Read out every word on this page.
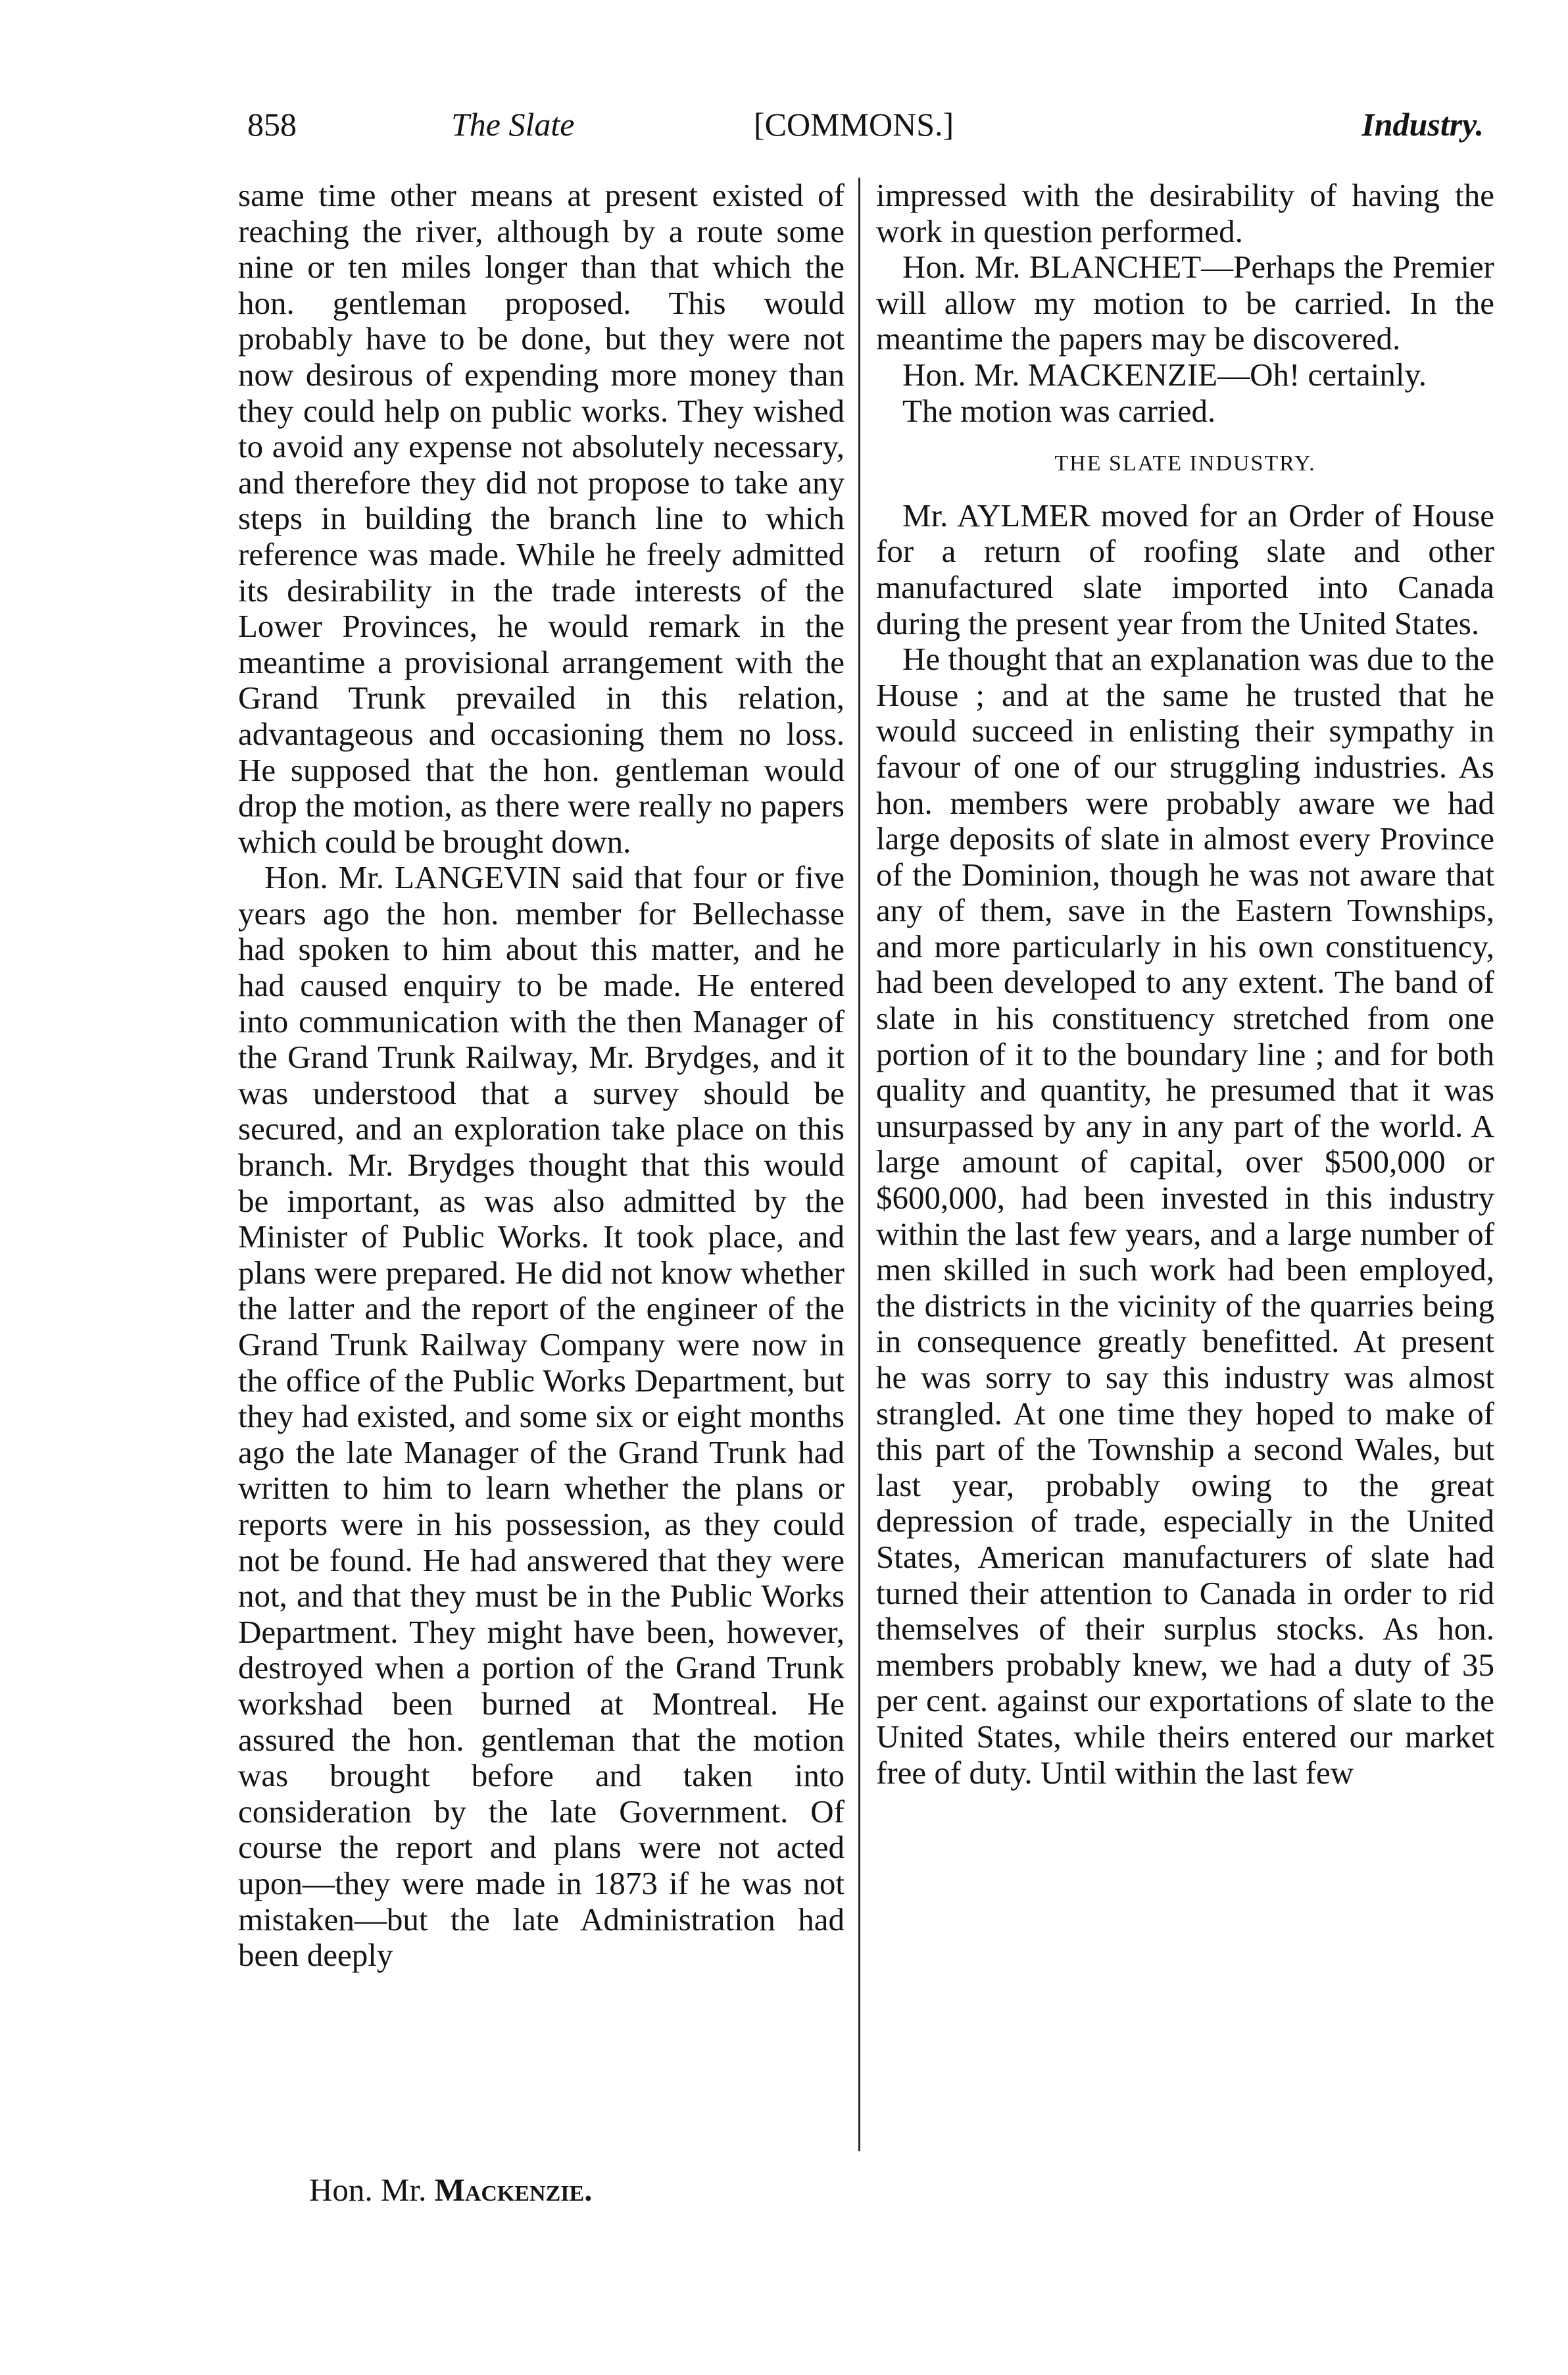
858	The Slate	[COMMONS.]	Industry.

same time other means at present existed of reaching the river, although by a route some nine or ten miles longer than that which the hon. gentleman proposed. This would probably have to be done, but they were not now desirous of expending more money than they could help on public works. They wished to avoid any expense not absolutely necessary, and therefore they did not propose to take any steps in building the branch line to which reference was made. While he freely admitted its desirability in the trade interests of the Lower Provinces, he would remark in the meantime a provisional arrangement with the Grand Trunk prevailed in this relation, advantageous and occasioning them no loss. He supposed that the hon. gentleman would drop the motion, as there were really no papers which could be brought down.

Hon. Mr. LANGEVIN said that four or five years ago the hon. member for Bellechasse had spoken to him about this matter, and he had caused enquiry to be made. He entered into communication with the then Manager of the Grand Trunk Railway, Mr. Brydges, and it was understood that a survey should be secured, and an exploration take place on this branch. Mr. Brydges thought that this would be important, as was also admitted by the Minister of Public Works. It took place, and plans were prepared. He did not know whether the latter and the report of the engineer of the Grand Trunk Railway Company were now in the office of the Public Works Department, but they had existed, and some six or eight months ago the late Manager of the Grand Trunk had written to him to learn whether the plans or reports were in his possession, as they could not be found. He had answered that they were not, and that they must be in the Public Works Department. They might have been, however, destroyed when a portion of the Grand Trunk workshad been burned at Montreal. He assured the hon. gentleman that the motion was brought before and taken into consideration by the late Government. Of course the report and plans were not acted upon—they were made in 1873 if he was not mistaken—but the late Administration had been deeply

impressed with the desirability of having the work in question performed.

Hon. Mr. BLANCHET—Perhaps the Premier will allow my motion to be carried. In the meantime the papers may be discovered.

Hon. Mr. MACKENZIE—Oh! certainly.

The motion was carried.

THE SLATE INDUSTRY.

Mr. AYLMER moved for an Order of House for a return of roofing slate and other manufactured slate imported into Canada during the present year from the United States.

He thought that an explanation was due to the House ; and at the same he trusted that he would succeed in enlisting their sympathy in favour of one of our struggling industries. As hon. members were probably aware we had large deposits of slate in almost every Province of the Dominion, though he was not aware that any of them, save in the Eastern Townships, and more particularly in his own constituency, had been developed to any extent. The band of slate in his constituency stretched from one portion of it to the boundary line ; and for both quality and quantity, he presumed that it was unsurpassed by any in any part of the world. A large amount of capital, over $500,000 or $600,000, had been invested in this industry within the last few years, and a large number of men skilled in such work had been employed, the districts in the vicinity of the quarries being in consequence greatly benefitted. At present he was sorry to say this industry was almost strangled. At one time they hoped to make of this part of the Township a second Wales, but last year, probably owing to the great depression of trade, especially in the United States, American manufacturers of slate had turned their attention to Canada in order to rid themselves of their surplus stocks. As hon. members probably knew, we had a duty of 35 per cent. against our exportations of slate to the United States, while theirs entered our market free of duty. Until within the last few

Hon. Mr. Mackenzie.
